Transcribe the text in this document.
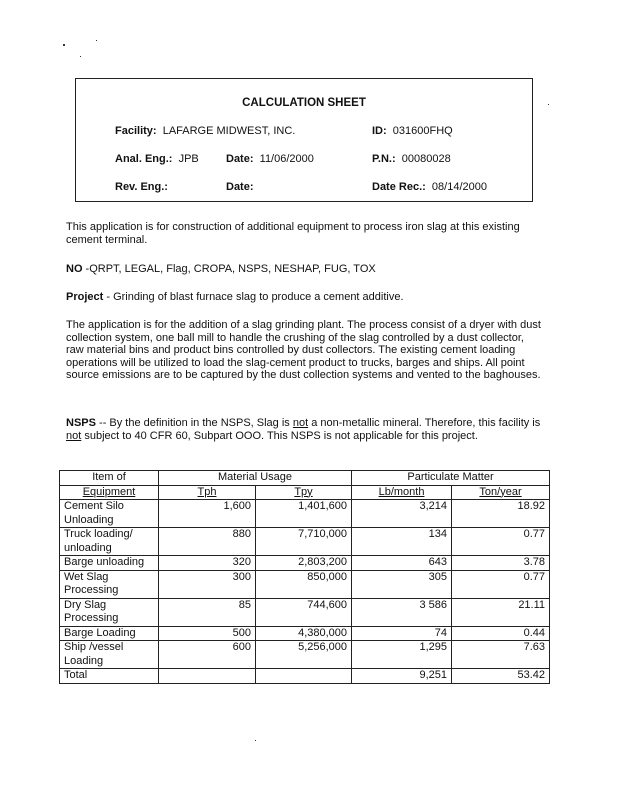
CALCULATION SHEET
Facility: LAFARGE MIDWEST, INC.	ID: 031600FHQ
Anal. Eng.: JPB Date: 11/06/2000	P.N.: 00080028
Rev. Eng.:	Date:	Date Rec.: 08/14/2000
This application is for construction of additional equipment to process iron slag at this existing cement terminal.
NO -QRPT, LEGAL, Flag, CROPA, NSPS, NESHAP, FUG, TOX
Project - Grinding of blast furnace slag to produce a cement additive.
The application is for the addition of a slag grinding plant. The process consist of a dryer with dust collection system, one ball mill to handle the crushing of the slag controlled by a dust collector, raw material bins and product bins controlled by dust collectors. The existing cement loading operations will be utilized to load the slag-cement product to trucks, barges and ships. All point source emissions are to be captured by the dust collection systems and vented to the baghouses.
NSPS -- By the definition in the NSPS, Slag is not a non-metallic mineral. Therefore, this facility is not subject to 40 CFR 60, Subpart OOO. This NSPS is not applicable for this project.
Item of	Material Usage		Particulate Matter	
Equipment	Tph	Tpy	Lb/month	Ton/year
Cement Silo Unloading	1,600	1,401,600	3,214	18.92
Truck loading/ unloading	880	7,710,000	134	0.77
Barge unloading	320	2,803,200	643	3.78
Wet Slag Processing	300	850,000	305	0.77
Dry Slag Processing	85	744,600	3 586	21.11
Barge Loading	500	4,380,000	74	0.44
Ship /vessel Loading	600	5,256,000	1,295	7.63
Total			9,251	53.42
